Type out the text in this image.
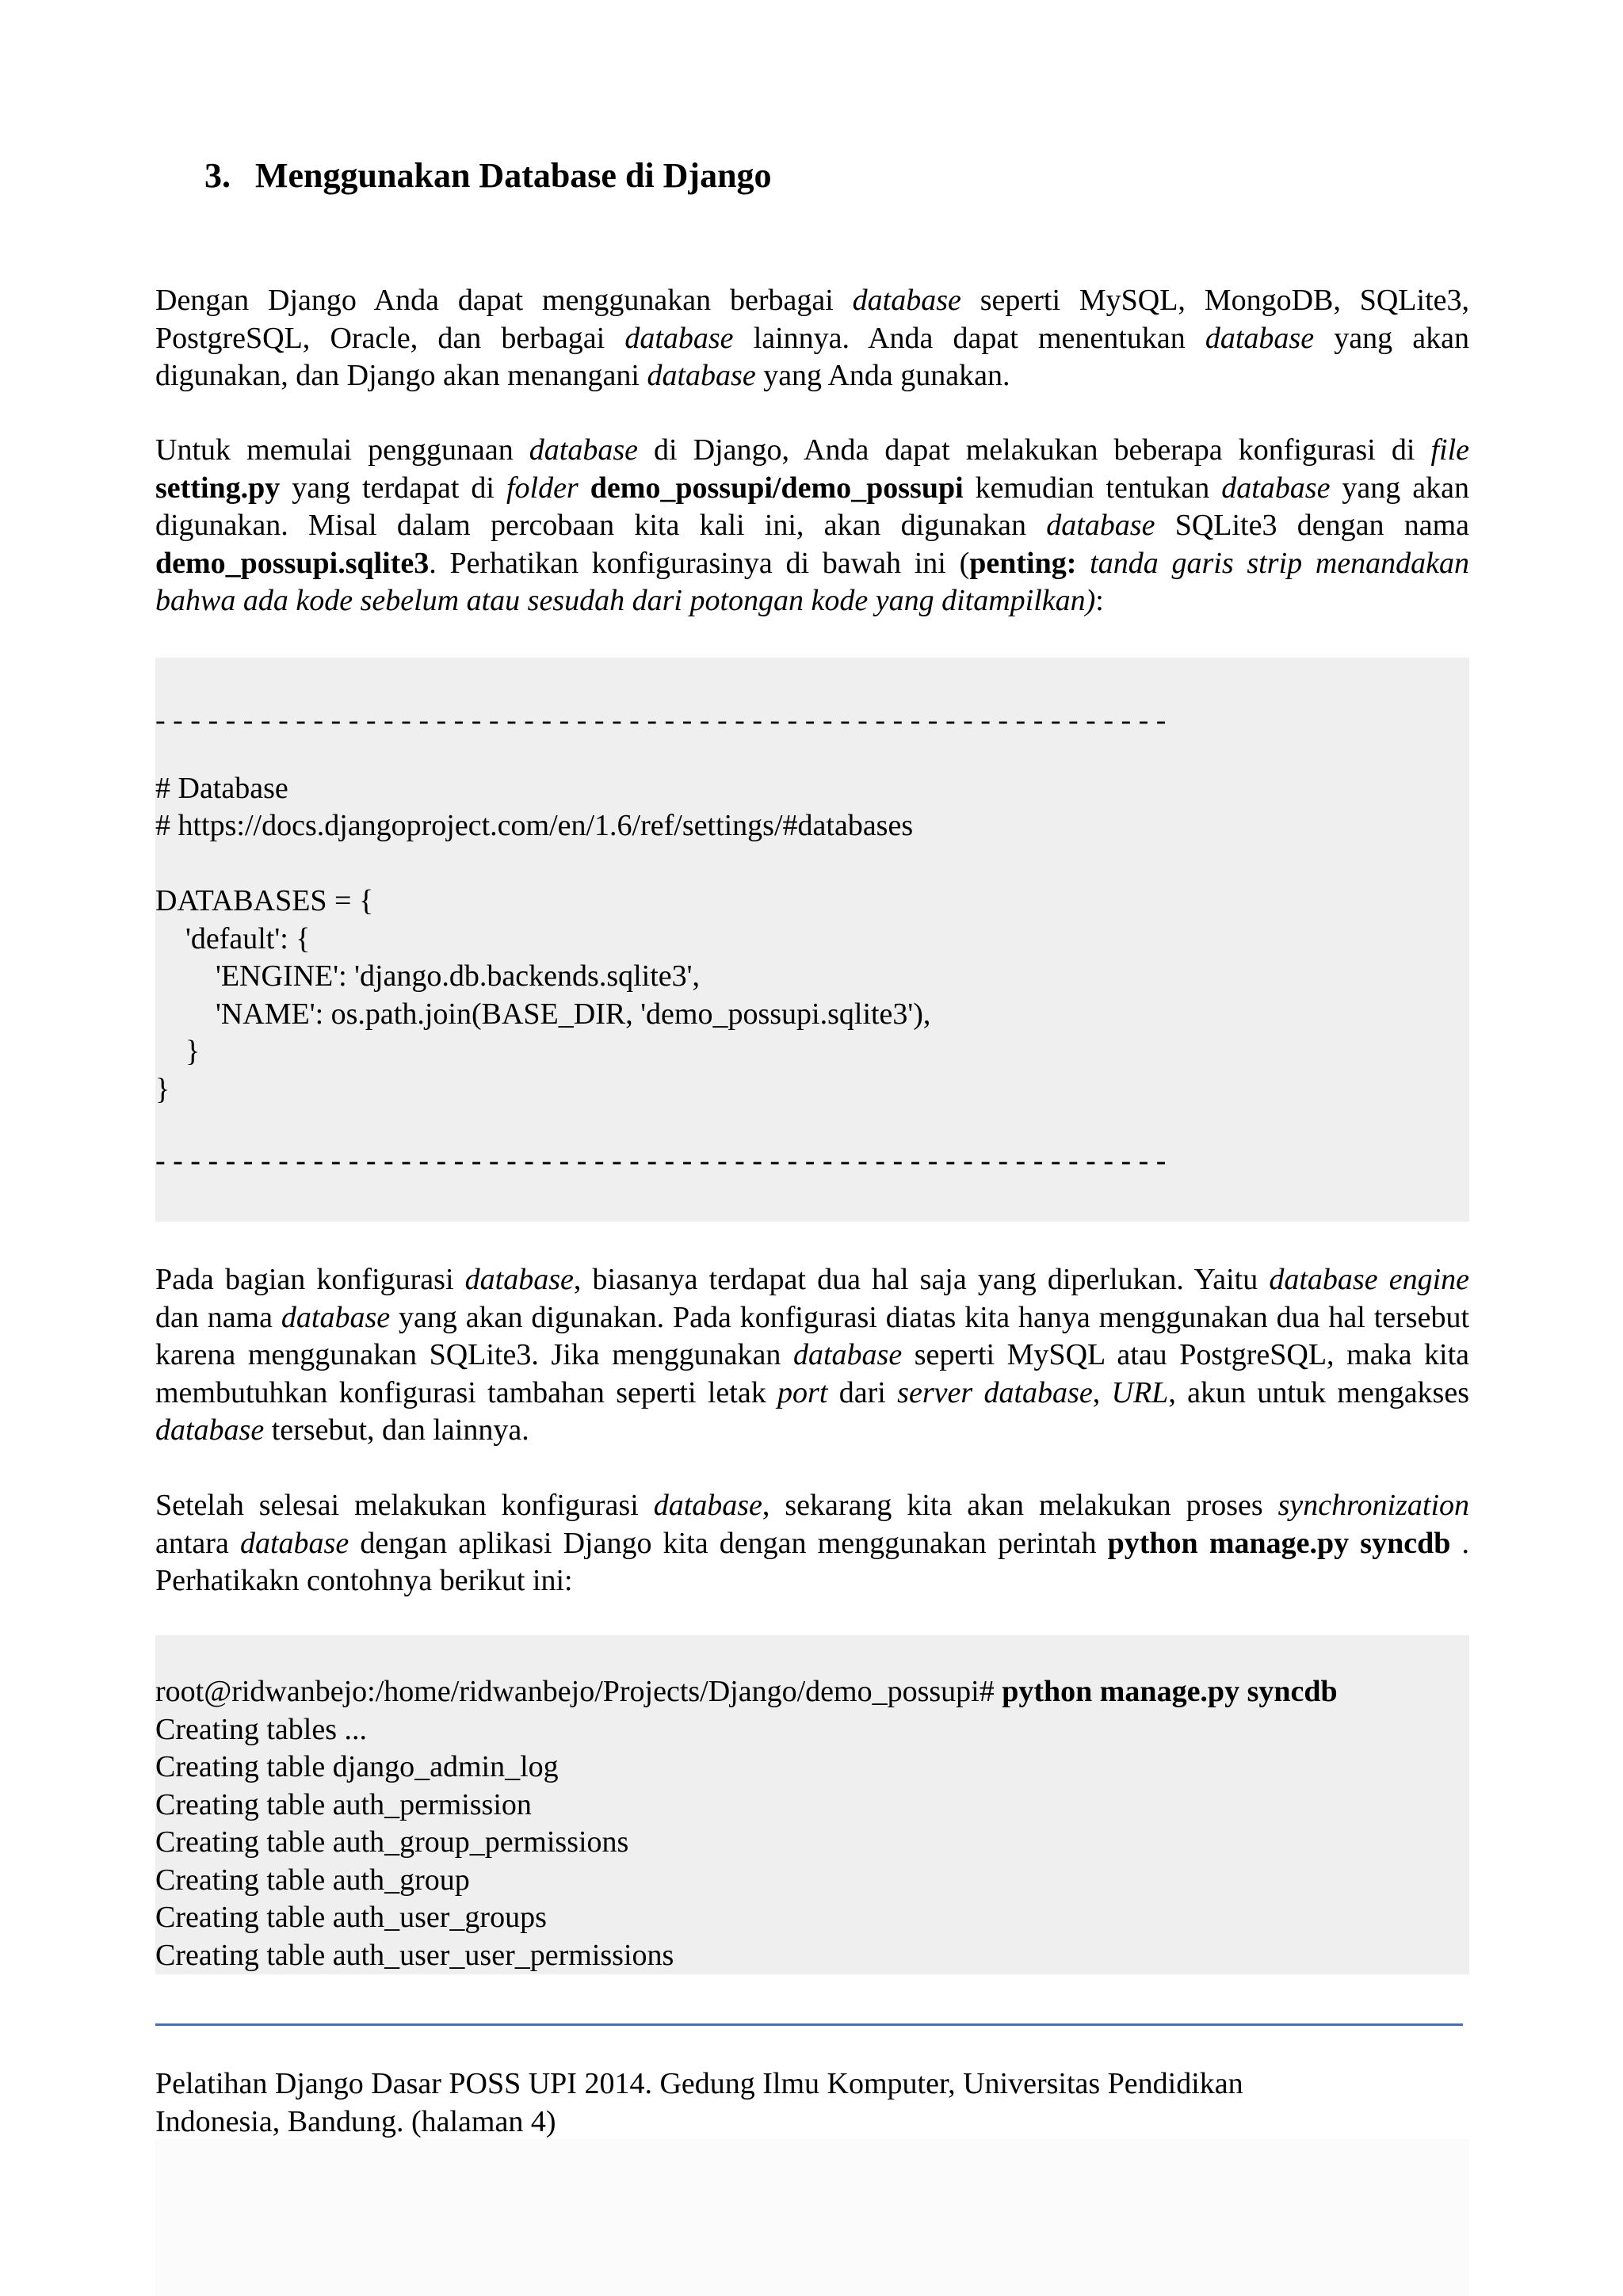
3. Menggunakan Database di Django

Dengan Django Anda dapat menggunakan berbagai database seperti MySQL, MongoDB, SQLite3, PostgreSQL, Oracle, dan berbagai database lainnya. Anda dapat menentukan database yang akan digunakan, dan Django akan menangani database yang Anda gunakan.

Untuk memulai penggunaan database di Django, Anda dapat melakukan beberapa konfigurasi di file setting.py yang terdapat di folder demo_possupi/demo_possupi kemudian tentukan database yang akan digunakan. Misal dalam percobaan kita kali ini, akan digunakan database SQLite3 dengan nama demo_possupi.sqlite3. Perhatikan konfigurasinya di bawah ini (penting: tanda garis strip menandakan bahwa ada kode sebelum atau sesudah dari potongan kode yang ditampilkan):

- - - - - - - - - - - - - - - - - - - - - - - - - - - - - - - - - - - - - - - - - - - - - - - - - - - - - - - - - -
# Database
# https://docs.djangoproject.com/en/1.6/ref/settings/#databases
DATABASES = {
'default': {
'ENGINE': 'django.db.backends.sqlite3',
'NAME': os.path.join(BASE_DIR, 'demo_possupi.sqlite3'),
}
}
- - - - - - - - - - - - - - - - - - - - - - - - - - - - - - - - - - - - - - - - - - - - - - - - - - - - - - - - - -

Pada bagian konfigurasi database, biasanya terdapat dua hal saja yang diperlukan. Yaitu database engine dan nama database yang akan digunakan. Pada konfigurasi diatas kita hanya menggunakan dua hal tersebut karena menggunakan SQLite3. Jika menggunakan database seperti MySQL atau PostgreSQL, maka kita membutuhkan konfigurasi tambahan seperti letak port dari server database, URL, akun untuk mengakses database tersebut, dan lainnya.

Setelah selesai melakukan konfigurasi database, sekarang kita akan melakukan proses synchronization antara database dengan aplikasi Django kita dengan menggunakan perintah python manage.py syncdb . Perhatikakn contohnya berikut ini:

root@ridwanbejo:/home/ridwanbejo/Projects/Django/demo_possupi# python manage.py syncdb
Creating tables ...
Creating table django_admin_log
Creating table auth_permission
Creating table auth_group_permissions
Creating table auth_group
Creating table auth_user_groups
Creating table auth_user_user_permissions

Pelatihan Django Dasar POSS UPI 2014. Gedung Ilmu Komputer, Universitas Pendidikan
Indonesia, Bandung. (halaman 4)
